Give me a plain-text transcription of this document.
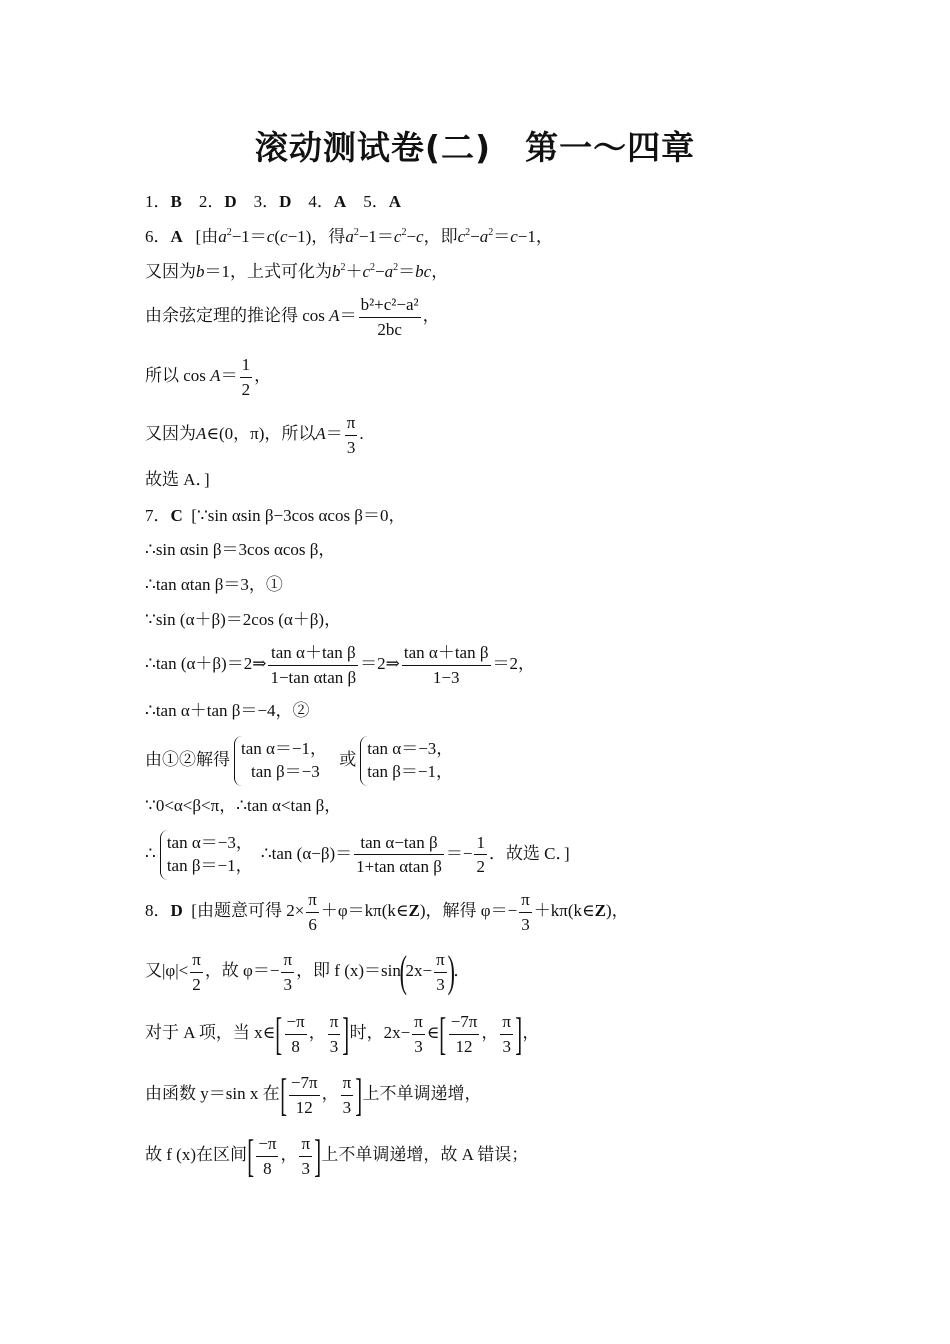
滚动测试卷(二) 第一～四章
1．B 2．D 3．D 4．A 5．A
6．A [由$a^2-1=c(c-1)$，得$a^2-1=c^2-c$，即$c^2-a^2=c-1$，
又因为b＝1，上式可化为$b^2+c^2-a^2=bc$，
由余弦定理的推论得 $\cos A= \frac{\text{b²+c²−a²}}{2bc}$ ，
所以 $\cos A= \frac{1}{2}$ ，
又因为A∈(0，π)，所以$A= \frac{\pi}{3}$ .
故选 A．]
7．C [∵sin αsin β−3cos αcos β＝0，
∴sin αsin β＝3cos αcos β，
∴tan αtan β＝3，①
∵sin (α＋β)＝2cos (α＋β)，
∴tan (α＋β)＝2⇒ $\frac{\text{tan α＋tan β}}{\text{1−tan αtan β}}$ ＝2⇒ $\frac{\text{tan α＋tan β}}{1-3} =2$，
∴tan α＋tan β＝−4，②
由①②解得
tan α＝−1，
tan β＝−3
或
tan α＝−3，
tan β＝−1，
∵0<α<β<π，∴tan α<tan β，
∴
tan α＝−3，
tan β＝−1，
∴tan $(\alpha-\beta)= \frac{\text{tan α−tan β}}{\text{1+tan αtan β}} =- \frac{1}{2}$ ．故选 C．]
8．D [由题意可得 $2\times \frac{\pi}{6}$ ＋φ＝kπ(k∈Z)，解得 $\varphi=- \frac{\pi}{3}$ ＋kπ(k∈Z)，
又$|\varphi|< \frac{\pi}{2}$ ，故 $\varphi=- \frac{\pi}{3}$ ，即 f $(x)=\sin(2x- \frac{\pi}{3}$ )．
对于 A 项，当 x∈[ $\frac{-\pi}{8}$ ， $\frac{\pi}{3}$ ]时，$2x- \frac{\pi}{3}$ ∈[ $\frac{-7\pi}{12}$ ， $\frac{\pi}{3}$ ]，
由函数 y＝sin x 在[ $\frac{-7\pi}{12}$ ， $\frac{\pi}{3}$ ]上不单调递增，
故 f (x)在区间[ $\frac{-\pi}{8}$ ， $\frac{\pi}{3}$ ]上不单调递增，故 A 错误；
